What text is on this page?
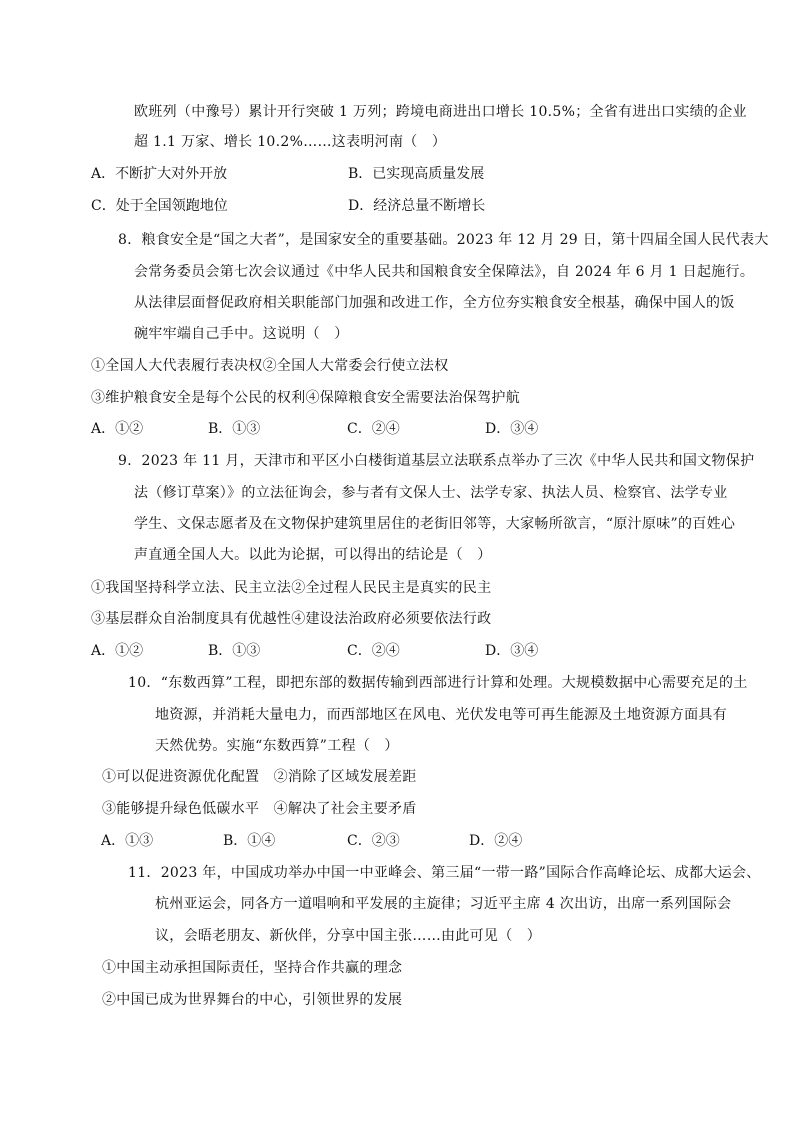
欧班列（中豫号）累计开行突破 1 万列；跨境电商进出口增长 10.5%；全省有进出口实绩的企业
超 1.1 万家、增长 10.2%……这表明河南（　）
A．不断扩大对外开放	B．已实现高质量发展
C．处于全国领跑地位	D．经济总量不断增长
8．粮食安全是“国之大者”，是国家安全的重要基础。2023 年 12 月 29 日，第十四届全国人民代表大
会常务委员会第七次会议通过《中华人民共和国粮食安全保障法》，自 2024 年 6 月 1 日起施行。
从法律层面督促政府相关职能部门加强和改进工作，全方位夯实粮食安全根基，确保中国人的饭
碗牢牢端自己手中。这说明（　）
①全国人大代表履行表决权②全国人大常委会行使立法权
③维护粮食安全是每个公民的权利④保障粮食安全需要法治保驾护航
A．①②	B．①③	C．②④	D．③④
9．2023 年 11 月，天津市和平区小白楼街道基层立法联系点举办了三次《中华人民共和国文物保护
法（修订草案）》的立法征询会，参与者有文保人士、法学专家、执法人员、检察官、法学专业
学生、文保志愿者及在文物保护建筑里居住的老街旧邻等，大家畅所欲言，“原汁原味”的百姓心
声直通全国人大。以此为论据，可以得出的结论是（　）
①我国坚持科学立法、民主立法②全过程人民民主是真实的民主
③基层群众自治制度具有优越性④建设法治政府必须要依法行政
A．①②	B．①③	C．②④	D．③④
10．“东数西算”工程，即把东部的数据传输到西部进行计算和处理。大规模数据中心需要充足的土
地资源，并消耗大量电力，而西部地区在风电、光伏发电等可再生能源及土地资源方面具有
天然优势。实施“东数西算”工程（　）
①可以促进资源优化配置　②消除了区域发展差距
③能够提升绿色低碳水平　④解决了社会主要矛盾
A．①③	B．①④	C．②③	D．②④
11．2023 年，中国成功举办中国一中亚峰会、第三届“一带一路”国际合作高峰论坛、成都大运会、
杭州亚运会，同各方一道唱响和平发展的主旋律；习近平主席 4 次出访，出席一系列国际会
议，会晤老朋友、新伙伴，分享中国主张……由此可见（　）
①中国主动承担国际责任，坚持合作共赢的理念
②中国已成为世界舞台的中心，引领世界的发展
